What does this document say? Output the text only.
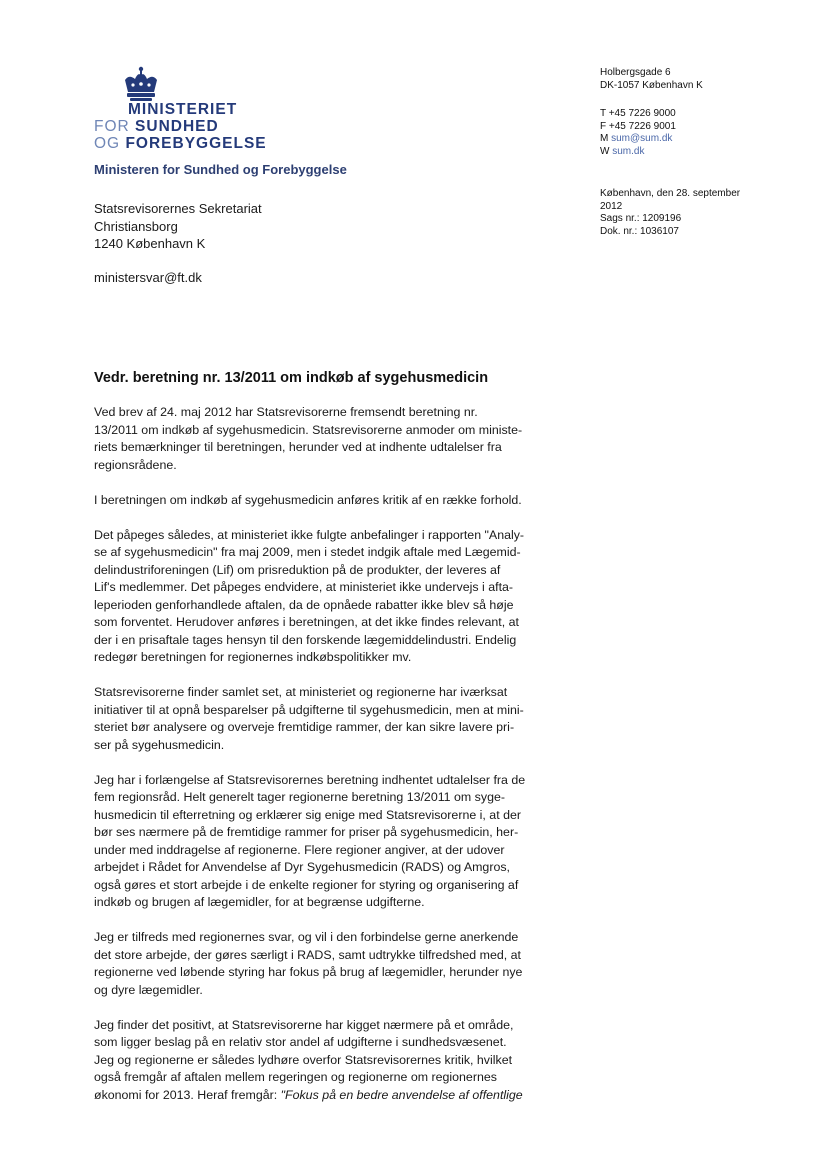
MINISTERIET
FOR SUNDHED
OG FOREBYGGELSE
Ministeren for Sundhed og Forebyggelse
Holbergsgade 6
DK-1057 København K
T +45 7226 9000
F +45 7226 9001
M sum@sum.dk
W sum.dk
København, den 28. september
2012
Sags nr.: 1209196
Dok. nr.: 1036107
Statsrevisorernes Sekretariat
Christiansborg
1240 København K
ministersvar@ft.dk
Vedr. beretning nr. 13/2011 om indkøb af sygehusmedicin

Ved brev af 24. maj 2012 har Statsrevisorerne fremsendt beretning nr.
13/2011 om indkøb af sygehusmedicin. Statsrevisorerne anmoder om ministe-
riets bemærkninger til beretningen, herunder ved at indhente udtalelser fra
regionsrådene.

I beretningen om indkøb af sygehusmedicin anføres kritik af en række forhold.

Det påpeges således, at ministeriet ikke fulgte anbefalinger i rapporten "Analy-
se af sygehusmedicin" fra maj 2009, men i stedet indgik aftale med Lægemid-
delindustriforeningen (Lif) om prisreduktion på de produkter, der leveres af
Lif's medlemmer. Det påpeges endvidere, at ministeriet ikke undervejs i afta-
leperioden genforhandlede aftalen, da de opnåede rabatter ikke blev så høje
som forventet. Herudover anføres i beretningen, at det ikke findes relevant, at
der i en prisaftale tages hensyn til den forskende lægemiddelindustri. Endelig
redegør beretningen for regionernes indkøbspolitikker mv.

Statsrevisorerne finder samlet set, at ministeriet og regionerne har iværksat
initiativer til at opnå besparelser på udgifterne til sygehusmedicin, men at mini-
steriet bør analysere og overveje fremtidige rammer, der kan sikre lavere pri-
ser på sygehusmedicin.

Jeg har i forlængelse af Statsrevisorernes beretning indhentet udtalelser fra de
fem regionsråd. Helt generelt tager regionerne beretning 13/2011 om syge-
husmedicin til efterretning og erklærer sig enige med Statsrevisorerne i, at der
bør ses nærmere på de fremtidige rammer for priser på sygehusmedicin, her-
under med inddragelse af regionerne. Flere regioner angiver, at der udover
arbejdet i Rådet for Anvendelse af Dyr Sygehusmedicin (RADS) og Amgros,
også gøres et stort arbejde i de enkelte regioner for styring og organisering af
indkøb og brugen af lægemidler, for at begrænse udgifterne.

Jeg er tilfreds med regionernes svar, og vil i den forbindelse gerne anerkende
det store arbejde, der gøres særligt i RADS, samt udtrykke tilfredshed med, at
regionerne ved løbende styring har fokus på brug af lægemidler, herunder nye
og dyre lægemidler.

Jeg finder det positivt, at Statsrevisorerne har kigget nærmere på et område,
som ligger beslag på en relativ stor andel af udgifterne i sundhedsvæsenet.
Jeg og regionerne er således lydhøre overfor Statsrevisorernes kritik, hvilket
også fremgår af aftalen mellem regeringen og regionerne om regionernes
økonomi for 2013. Heraf fremgår: "Fokus på en bedre anvendelse af offentlige
